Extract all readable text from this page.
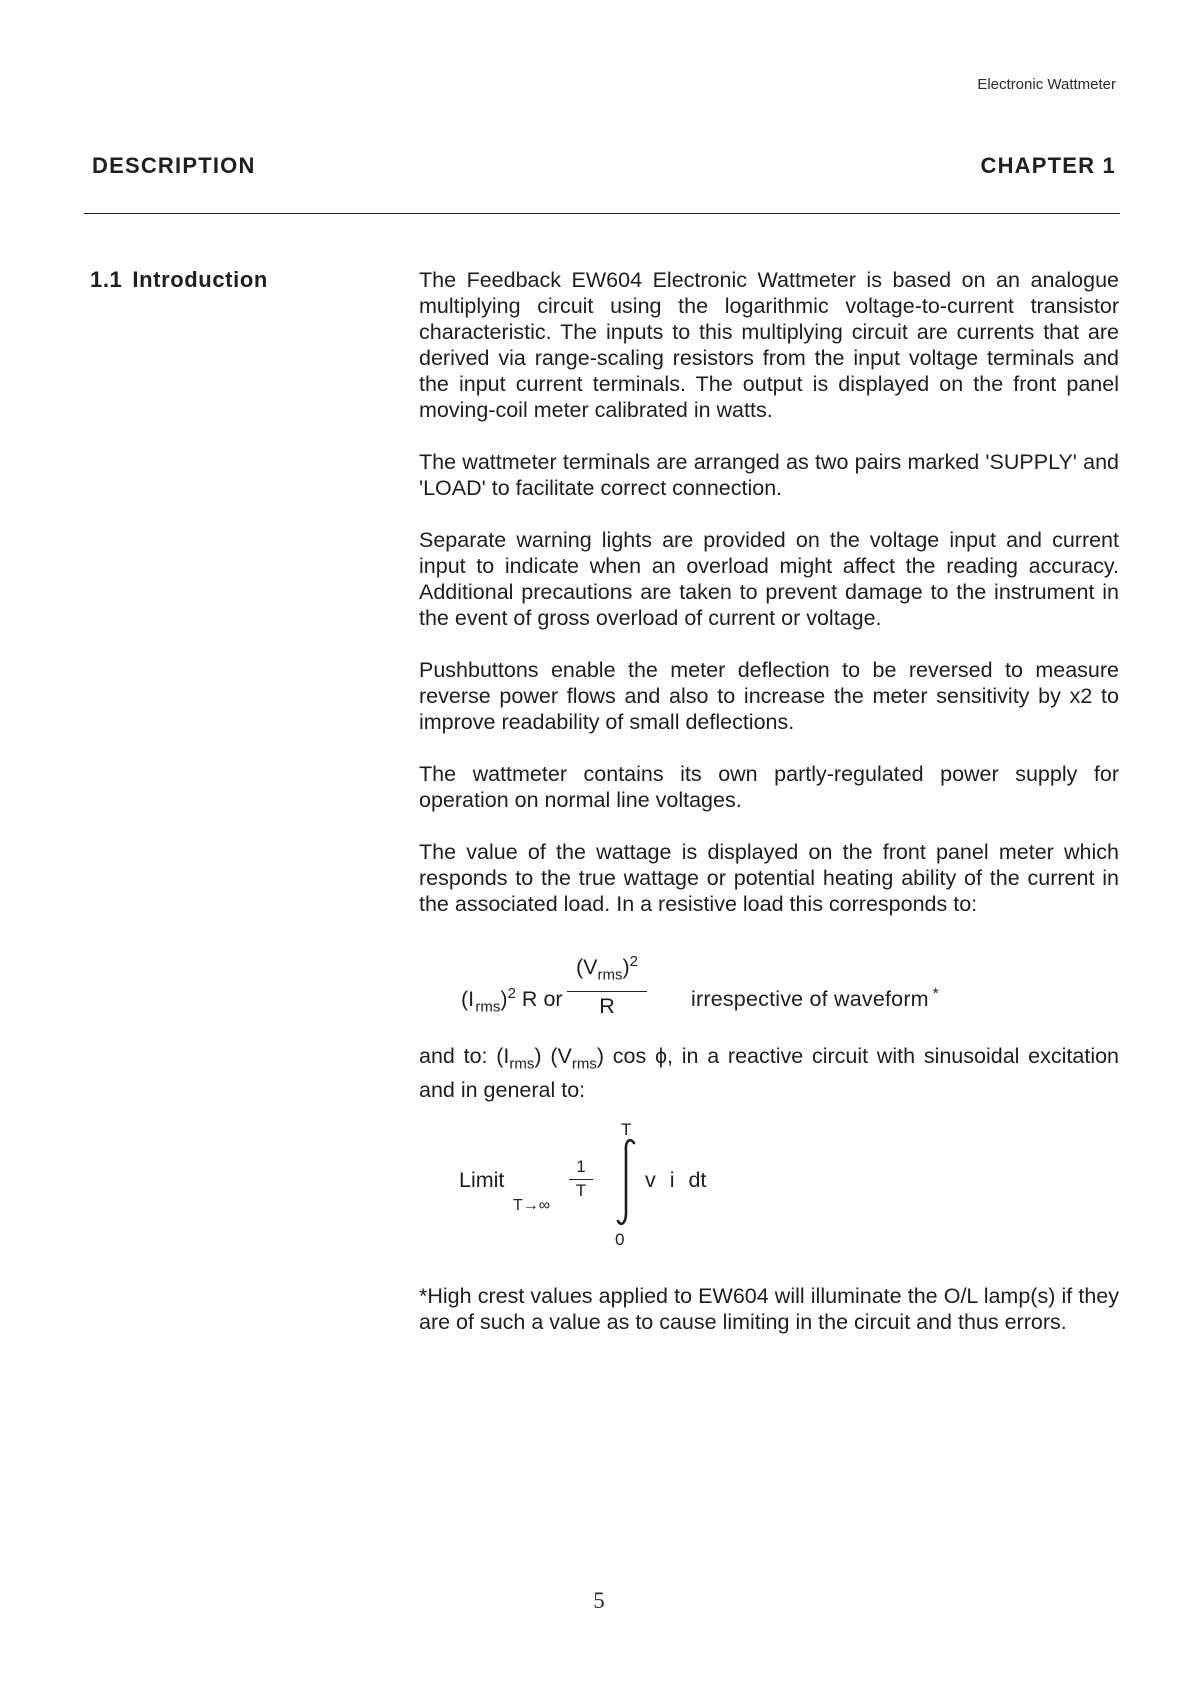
Electronic Wattmeter
DESCRIPTION	CHAPTER 1
1.1 Introduction	The Feedback EW604 Electronic Wattmeter is based on an analogue multiplying circuit using the logarithmic voltage-to-current transistor characteristic. The inputs to this multiplying circuit are currents that are derived via range-scaling resistors from the input voltage terminals and the input current terminals. The output is displayed on the front panel moving-coil meter calibrated in watts.

The wattmeter terminals are arranged as two pairs marked 'SUPPLY' and 'LOAD' to facilitate correct connection.

Separate warning lights are provided on the voltage input and current input to indicate when an overload might affect the reading accuracy. Additional precautions are taken to prevent damage to the instrument in the event of gross overload of current or voltage.

Pushbuttons enable the meter deflection to be reversed to measure reverse power flows and also to increase the meter sensitivity by x2 to improve readability of small deflections.

The wattmeter contains its own partly-regulated power supply for operation on normal line voltages.

The value of the wattage is displayed on the front panel meter which responds to the true wattage or potential heating ability of the current in the associated load. In a resistive load this corresponds to:

(I $_{rms}$)$^2$ R or
$(V_{rms})^2$
R	irrespective of waveform *

and to: $(I_{rms})$ $(V_{rms})$ cos ϕ, in a reactive circuit with sinusoidal excitation and in general to:

Limit
T→∞
$\frac{1}{T}$
T
0
v i dt

*High crest values applied to EW604 will illuminate the O/L lamp(s) if they are of such a value as to cause limiting in the circuit and thus errors.

5
